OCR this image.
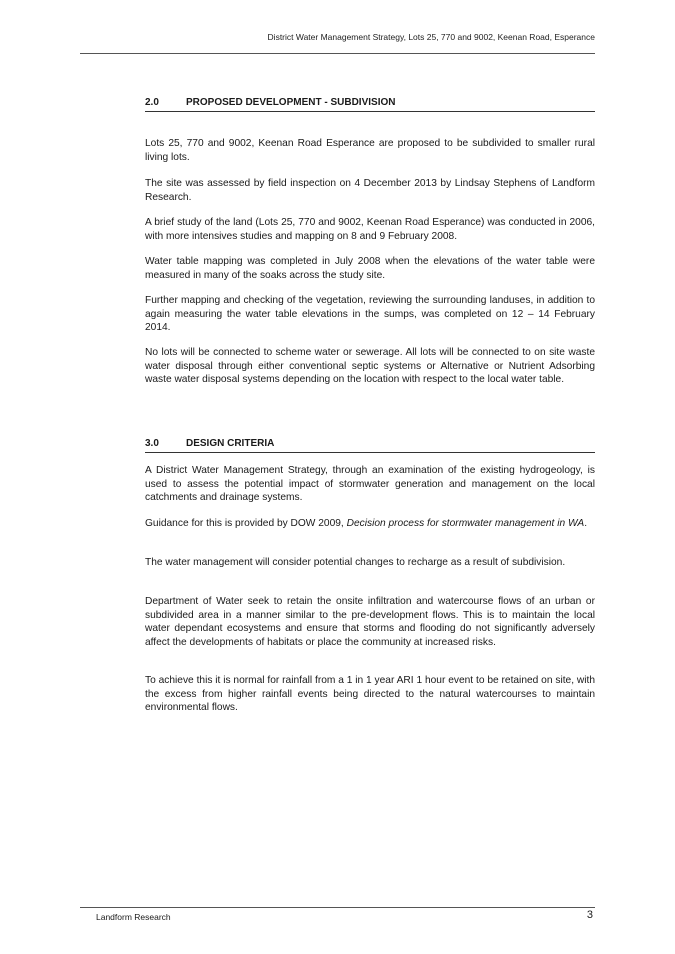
District Water Management Strategy, Lots 25, 770 and 9002, Keenan Road, Esperance
2.0	PROPOSED DEVELOPMENT - SUBDIVISION

Lots 25, 770 and 9002, Keenan Road Esperance are proposed to be subdivided to smaller rural living lots.

The site was assessed by field inspection on 4 December 2013 by Lindsay Stephens of Landform Research.

A brief study of the land (Lots 25, 770 and 9002, Keenan Road Esperance) was conducted in 2006, with more intensives studies and mapping on 8 and 9 February 2008.

Water table mapping was completed in July 2008 when the elevations of the water table were measured in many of the soaks across the study site.

Further mapping and checking of the vegetation, reviewing the surrounding landuses, in addition to again measuring the water table elevations in the sumps, was completed on 12 – 14 February 2014.

No lots will be connected to scheme water or sewerage. All lots will be connected to on site waste water disposal through either conventional septic systems or Alternative or Nutrient Adsorbing waste water disposal systems depending on the location with respect to the local water table.

3.0	DESIGN CRITERIA

A District Water Management Strategy, through an examination of the existing hydrogeology, is used to assess the potential impact of stormwater generation and management on the local catchments and drainage systems.

Guidance for this is provided by DOW 2009, Decision process for stormwater management in WA.

The water management will consider potential changes to recharge as a result of subdivision.

Department of Water seek to retain the onsite infiltration and watercourse flows of an urban or subdivided area in a manner similar to the pre-development flows. This is to maintain the local water dependant ecosystems and ensure that storms and flooding do not significantly adversely affect the developments of habitats or place the community at increased risks.

To achieve this it is normal for rainfall from a 1 in 1 year ARI 1 hour event to be retained on site, with the excess from higher rainfall events being directed to the natural watercourses to maintain environmental flows.

Landform Research	3
